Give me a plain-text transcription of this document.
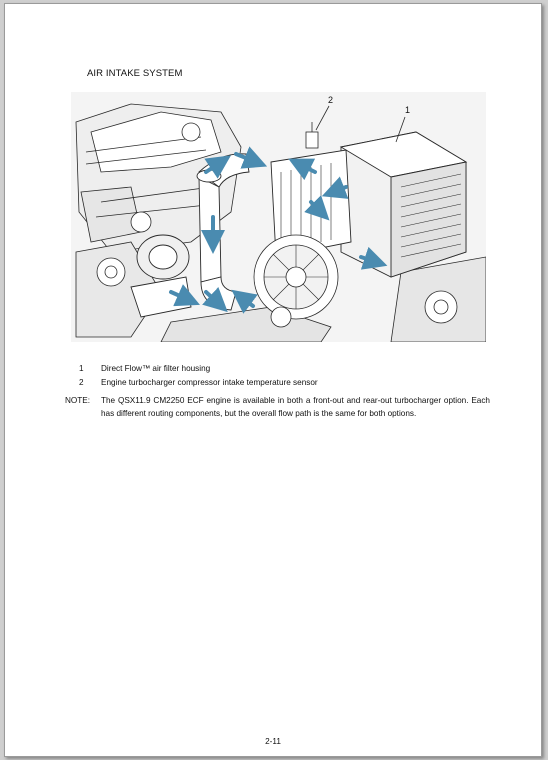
AIR INTAKE SYSTEM
1
2
1	Direct Flow™ air filter housing
2	Engine turbocharger compressor intake temperature sensor
NOTE: The QSX11.9 CM2250 ECF engine is available in both a front-out and rear-out turbocharger option. Each has different routing components, but the overall flow path is the same for both options.
2-11
